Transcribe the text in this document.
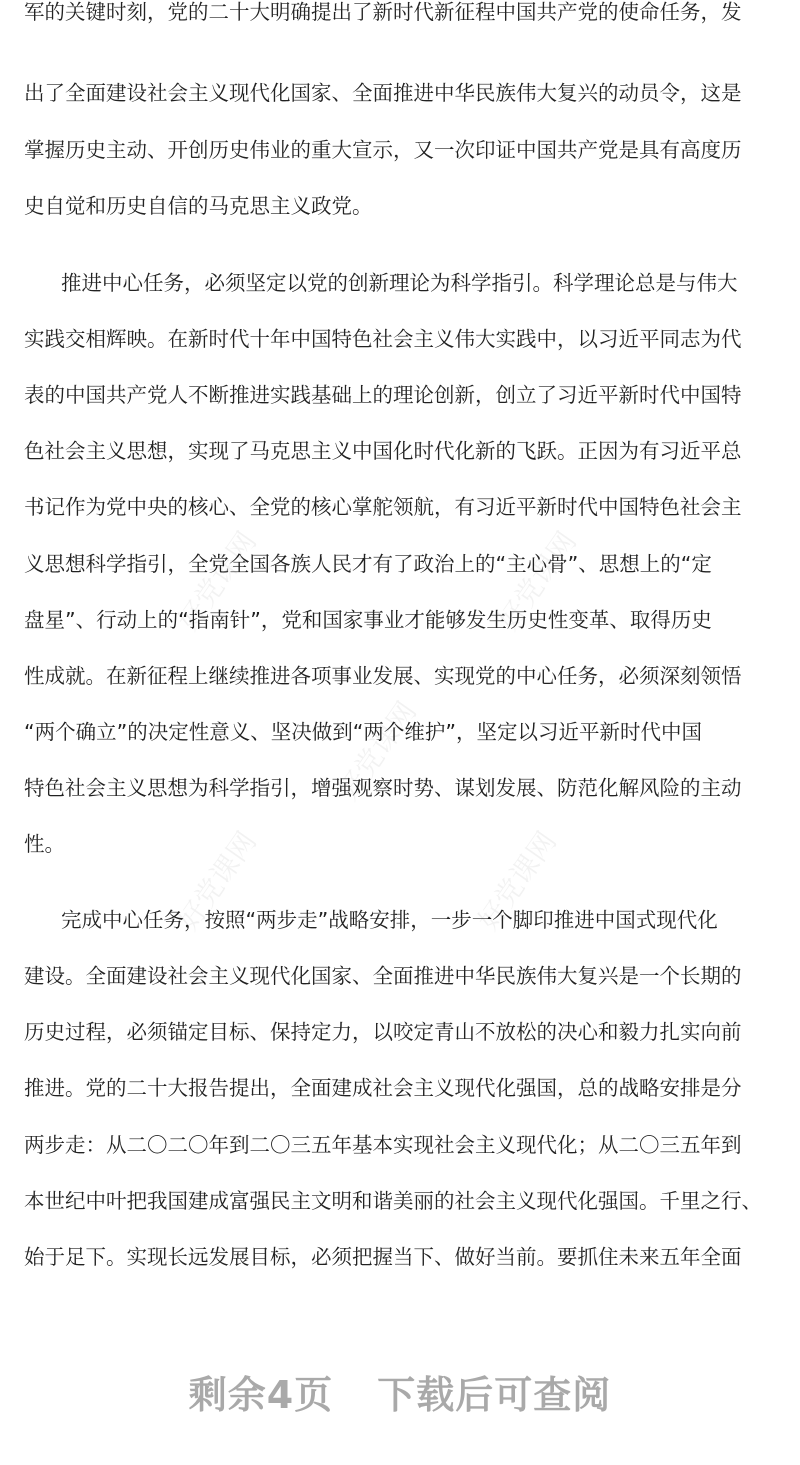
军的关键时刻，党的二十大明确提出了新时代新征程中国共产党的使命任务，发
出了全面建设社会主义现代化国家、全面推进中华民族伟大复兴的动员令，这是
掌握历史主动、开创历史伟业的重大宣示，又一次印证中国共产党是具有高度历
史自觉和历史自信的马克思主义政党。
推进中心任务，必须坚定以党的创新理论为科学指引。科学理论总是与伟大
实践交相辉映。在新时代十年中国特色社会主义伟大实践中，以习近平同志为代
表的中国共产党人不断推进实践基础上的理论创新，创立了习近平新时代中国特
色社会主义思想，实现了马克思主义中国化时代化新的飞跃。正因为有习近平总
书记作为党中央的核心、全党的核心掌舵领航，有习近平新时代中国特色社会主
义思想科学指引，全党全国各族人民才有了政治上的“主心骨”、思想上的“定
盘星”、行动上的“指南针”，党和国家事业才能够发生历史性变革、取得历史
性成就。在新征程上继续推进各项事业发展、实现党的中心任务，必须深刻领悟
“两个确立”的决定性意义、坚决做到“两个维护”，坚定以习近平新时代中国
特色社会主义思想为科学指引，增强观察时势、谋划发展、防范化解风险的主动
性。
完成中心任务，按照“两步走”战略安排，一步一个脚印推进中国式现代化
建设。全面建设社会主义现代化国家、全面推进中华民族伟大复兴是一个长期的
历史过程，必须锚定目标、保持定力，以咬定青山不放松的决心和毅力扎实向前
推进。党的二十大报告提出，全面建成社会主义现代化强国，总的战略安排是分
两步走：从二〇二〇年到二〇三五年基本实现社会主义现代化；从二〇三五年到
本世纪中叶把我国建成富强民主文明和谐美丽的社会主义现代化强国。千里之行、
始于足下。实现长远发展目标，必须把握当下、做好当前。要抓住未来五年全面
剩余4页 下载后可查阅
好党课网	好党课网
好党课网
好党课网	好党课网
